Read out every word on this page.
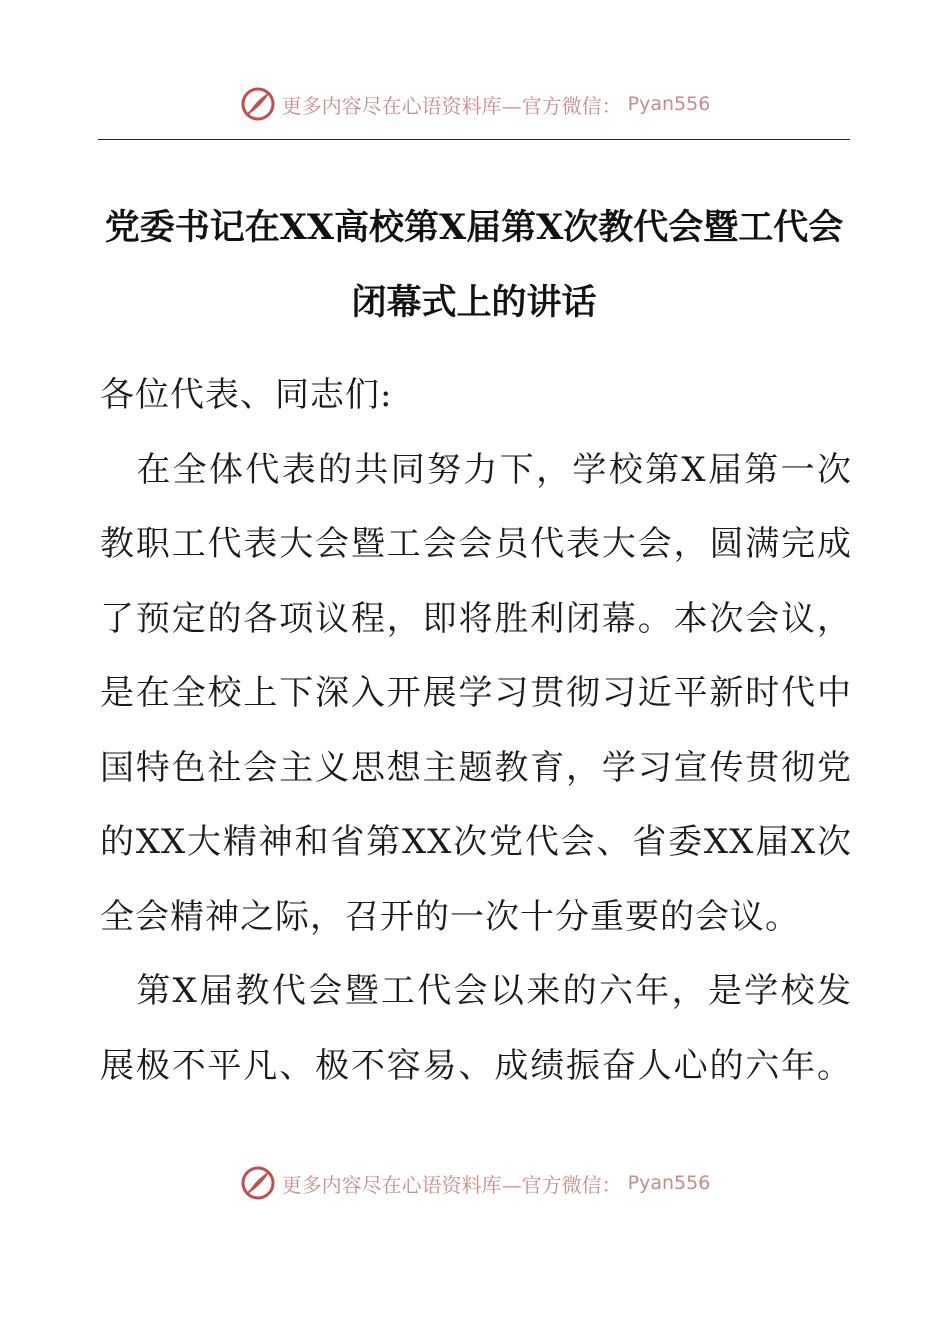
更多内容尽在心语资料库—官方微信： Pyan556
党委书记在XX高校第X届第X次教代会暨工代会
闭幕式上的讲话
各位代表、同志们:
　在全体代表的共同努力下，学校第X届第一次
教职工代表大会暨工会会员代表大会，圆满完成
了预定的各项议程，即将胜利闭幕。本次会议，
是在全校上下深入开展学习贯彻习近平新时代中
国特色社会主义思想主题教育，学习宣传贯彻党
的XX大精神和省第XX次党代会、省委XX届X次
全会精神之际，召开的一次十分重要的会议。
　第X届教代会暨工代会以来的六年，是学校发
展极不平凡、极不容易、成绩振奋人心的六年。
更多内容尽在心语资料库—官方微信： Pyan556
